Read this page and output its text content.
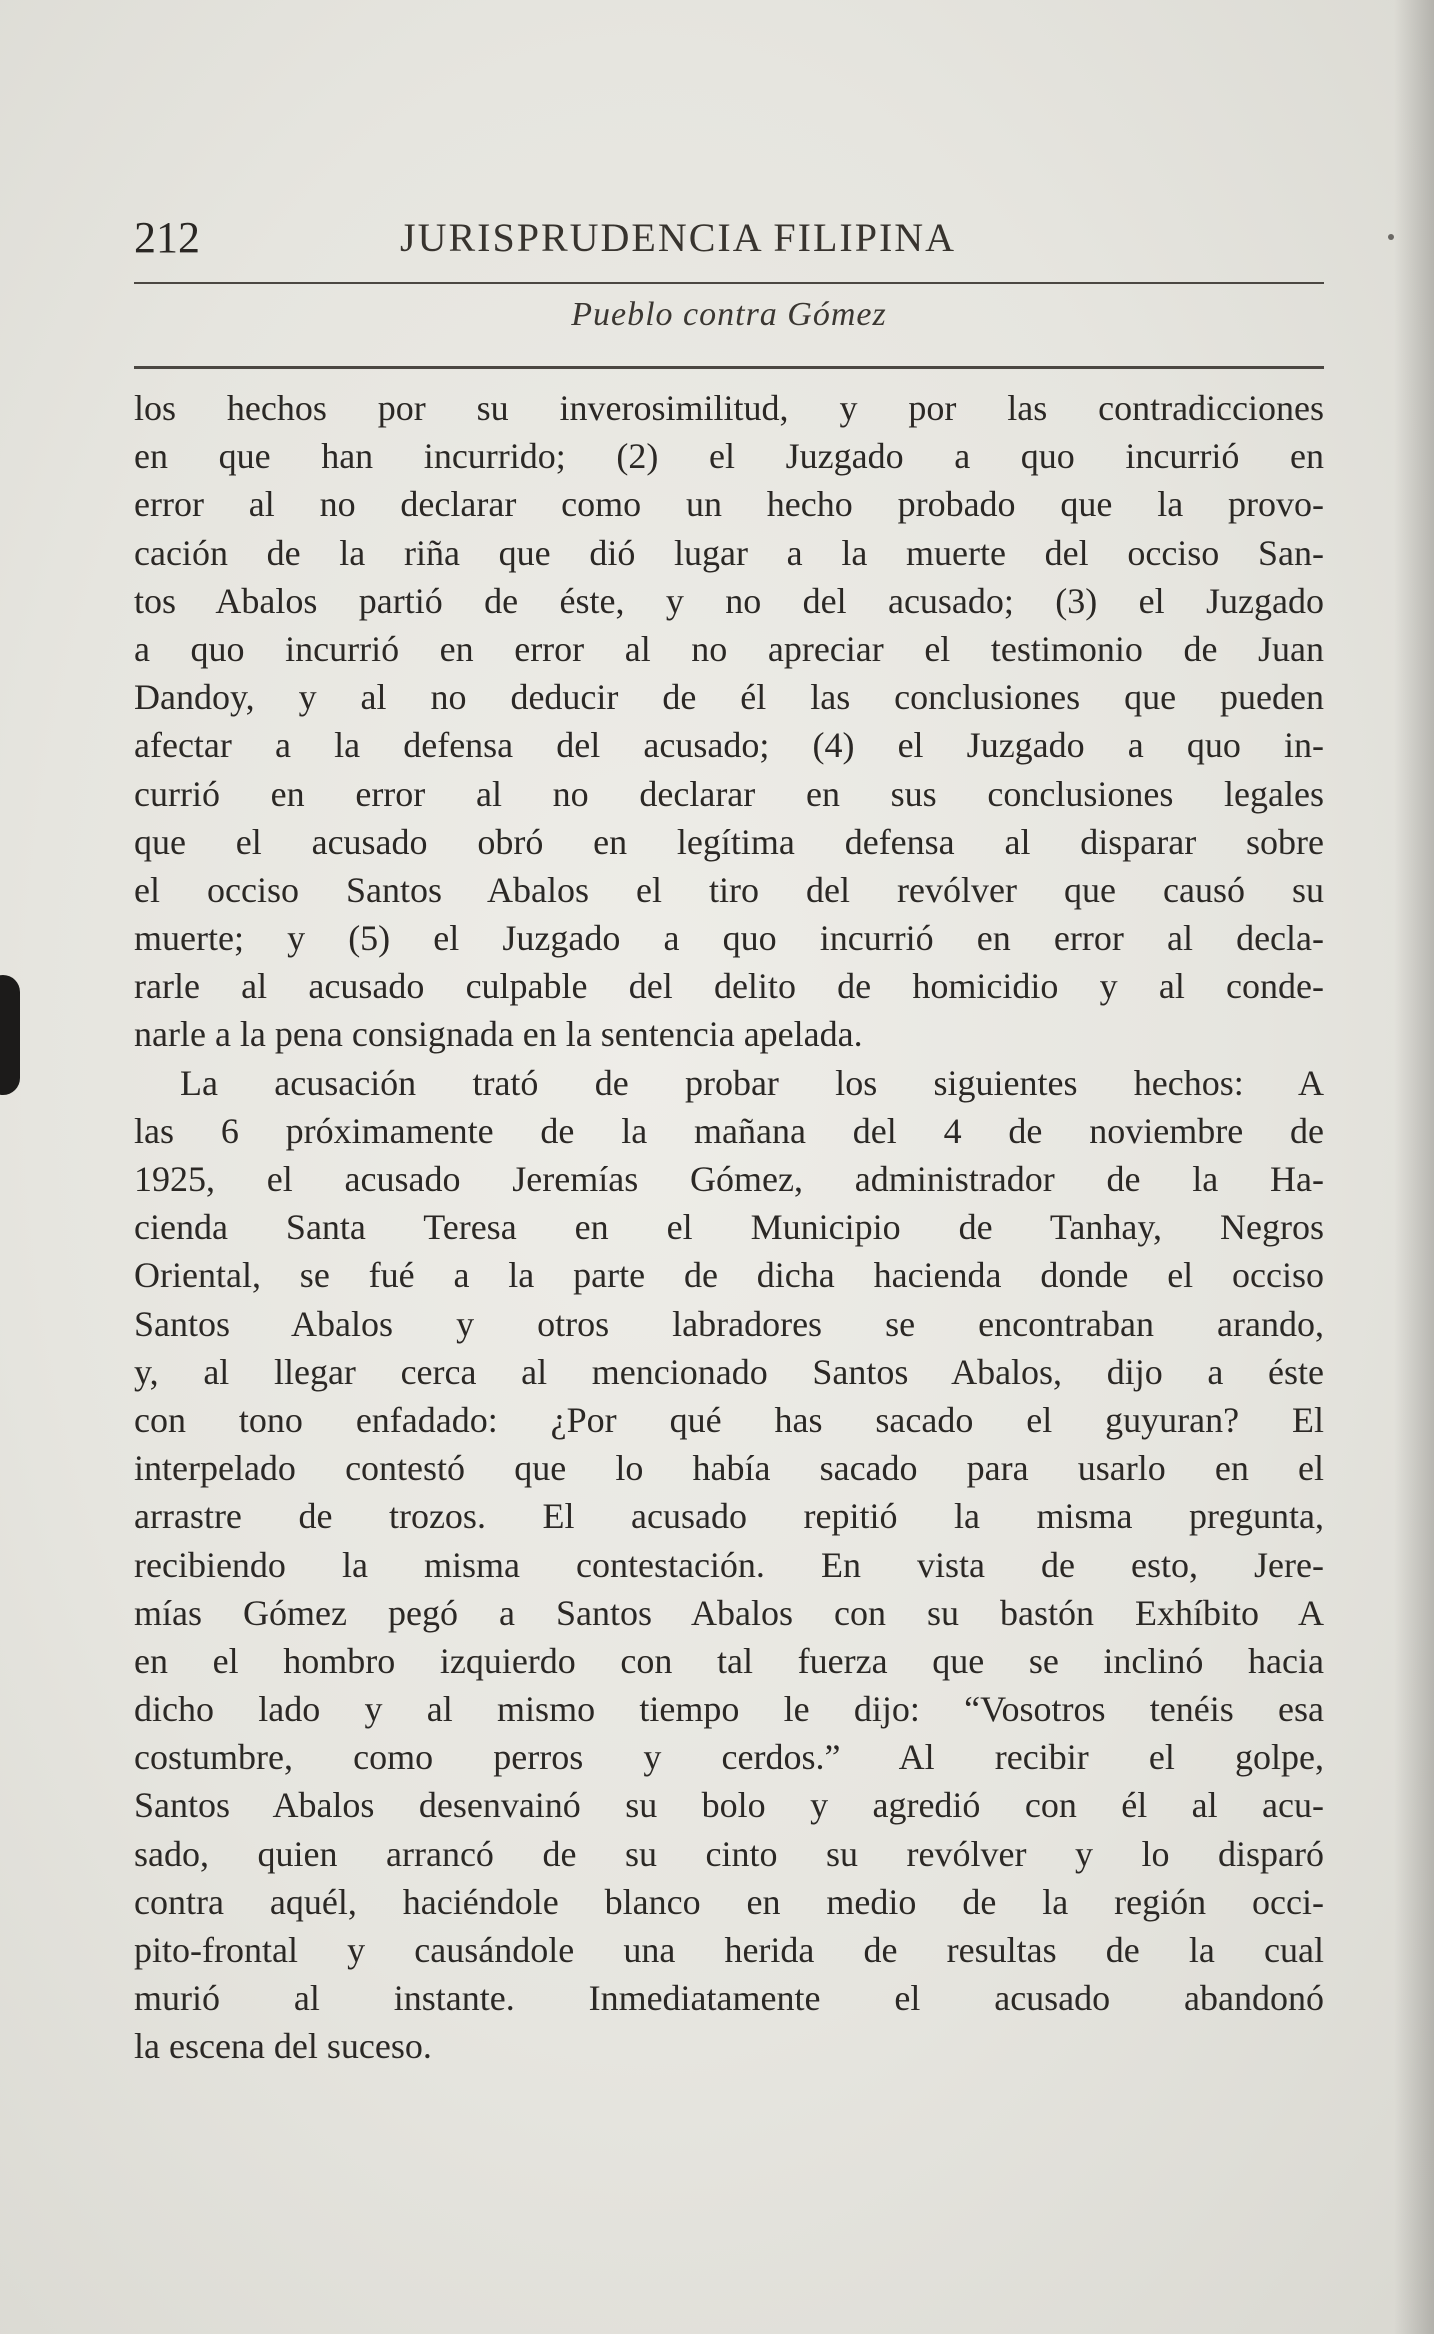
212	JURISPRUDENCIA FILIPINA
Pueblo contra Gómez
los hechos por su inverosimilitud, y por las contradicciones
en que han incurrido; (2) el Juzgado a quo incurrió en
error al no declarar como un hecho probado que la provo-
cación de la riña que dió lugar a la muerte del occiso San-
tos Abalos partió de éste, y no del acusado; (3) el Juzgado
a quo incurrió en error al no apreciar el testimonio de Juan
Dandoy, y al no deducir de él las conclusiones que pueden
afectar a la defensa del acusado; (4) el Juzgado a quo in-
currió en error al no declarar en sus conclusiones legales
que el acusado obró en legítima defensa al disparar sobre
el occiso Santos Abalos el tiro del revólver que causó su
muerte; y (5) el Juzgado a quo incurrió en error al decla-
rarle al acusado culpable del delito de homicidio y al conde-
narle a la pena consignada en la sentencia apelada.
La acusación trató de probar los siguientes hechos: A
las 6 próximamente de la mañana del 4 de noviembre de
1925, el acusado Jeremías Gómez, administrador de la Ha-
cienda Santa Teresa en el Municipio de Tanhay, Negros
Oriental, se fué a la parte de dicha hacienda donde el occiso
Santos Abalos y otros labradores se encontraban arando,
y, al llegar cerca al mencionado Santos Abalos, dijo a éste
con tono enfadado: ¿Por qué has sacado el guyuran? El
interpelado contestó que lo había sacado para usarlo en el
arrastre de trozos. El acusado repitió la misma pregunta,
recibiendo la misma contestación. En vista de esto, Jere-
mías Gómez pegó a Santos Abalos con su bastón Exhíbito A
en el hombro izquierdo con tal fuerza que se inclinó hacia
dicho lado y al mismo tiempo le dijo: “Vosotros tenéis esa
costumbre, como perros y cerdos.” Al recibir el golpe,
Santos Abalos desenvainó su bolo y agredió con él al acu-
sado, quien arrancó de su cinto su revólver y lo disparó
contra aquél, haciéndole blanco en medio de la región occi-
pito-frontal y causándole una herida de resultas de la cual
murió al instante. Inmediatamente el acusado abandonó
la escena del suceso.
